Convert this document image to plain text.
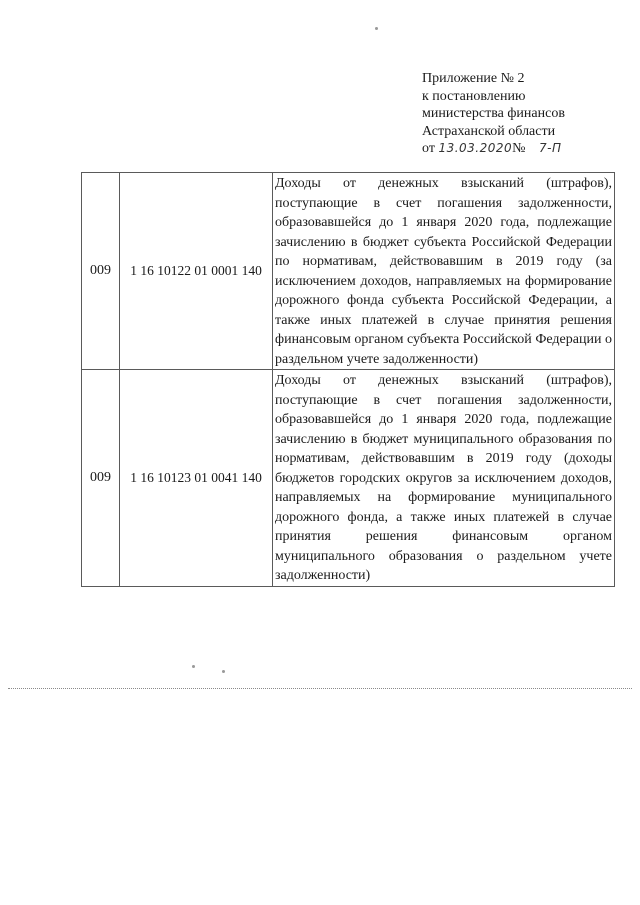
Приложение № 2
к постановлению
министерства финансов
Астраханской области
от 13.03.2020№ 7-П
009	1 16 10122 01 0001 140	Доходы от денежных взысканий (штрафов), поступающие в счет погашения задолженности, образовавшейся до 1 января 2020 года, подлежащие зачислению в бюджет субъекта Российской Федерации по нормативам, действовавшим в 2019 году (за исключением доходов, направляемых на формирование дорожного фонда субъекта Российской Федерации, а также иных платежей в случае принятия решения финансовым органом субъекта Российской Федерации о раздельном учете задолженности)
009	1 16 10123 01 0041 140	Доходы от денежных взысканий (штрафов), поступающие в счет погашения задолженности, образовавшейся до 1 января 2020 года, подлежащие зачислению в бюджет муниципального образования по нормативам, действовавшим в 2019 году (доходы бюджетов городских округов за исключением доходов, направляемых на формирование муниципального дорожного фонда, а также иных платежей в случае принятия решения финансовым органом муниципального образования о раздельном учете задолженности)
